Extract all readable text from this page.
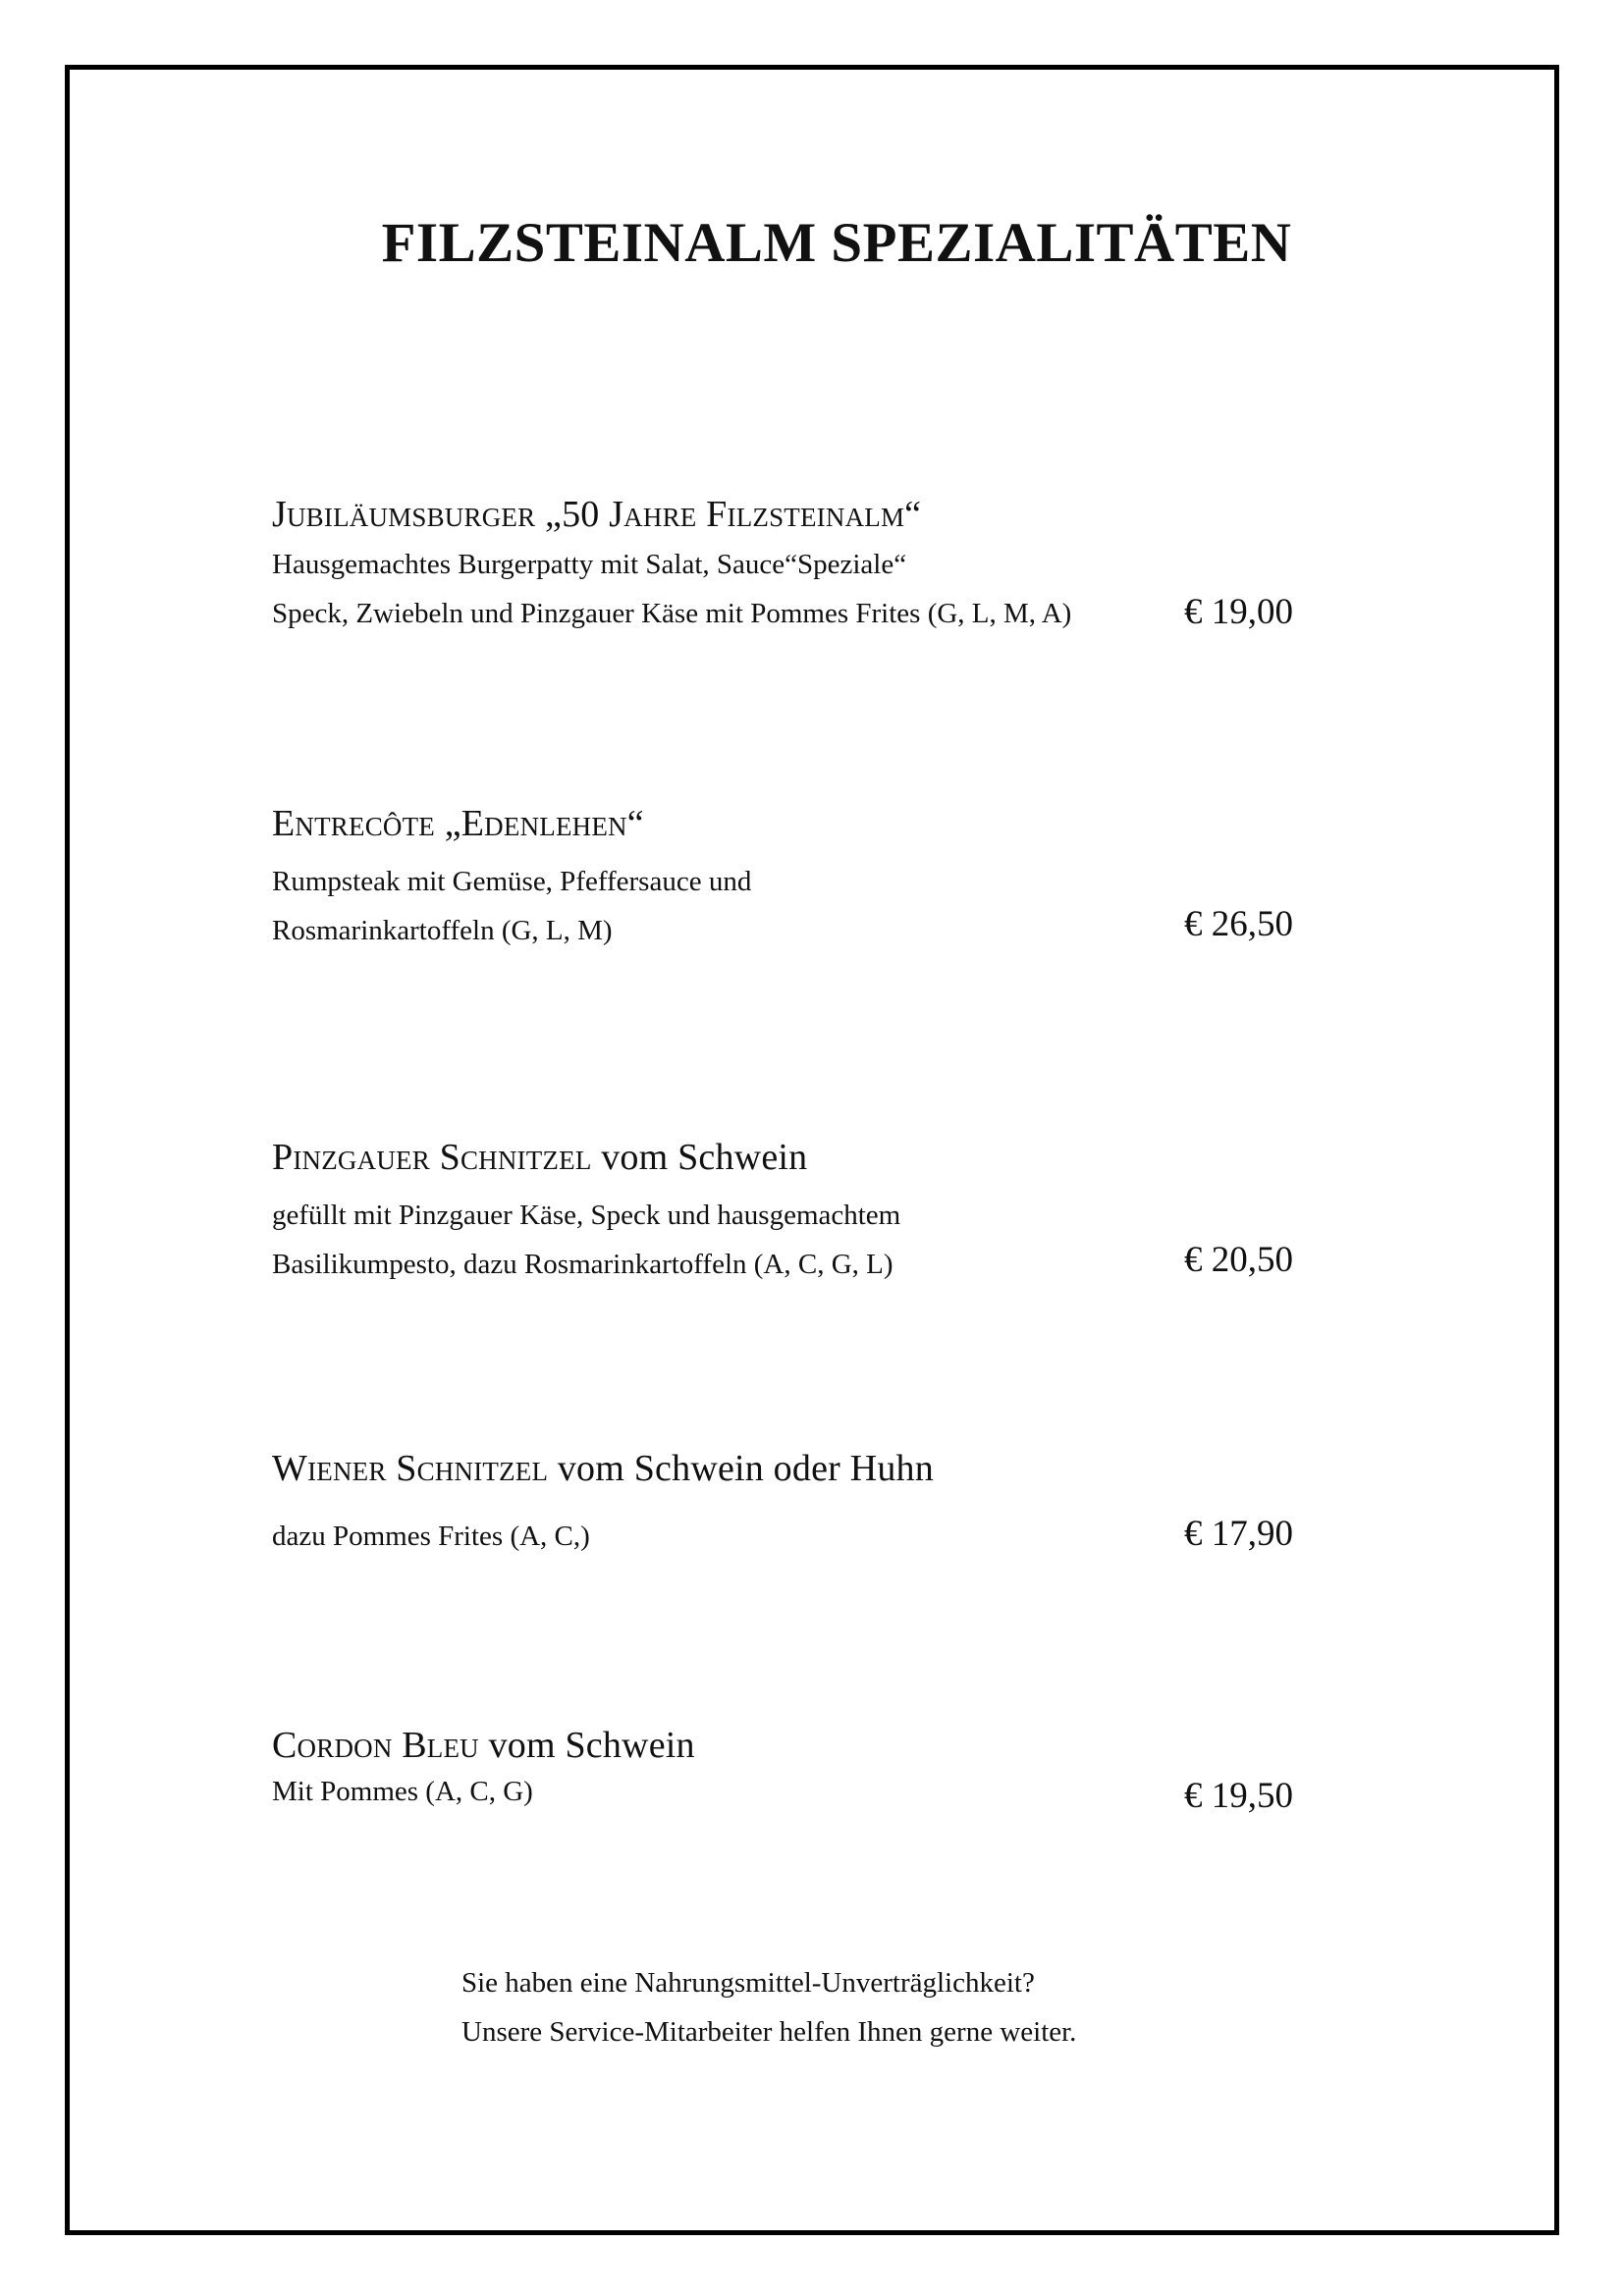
FILZSTEINALM SPEZIALITÄTEN

Jubiläumsburger „50 Jahre Filzsteinalm“

Hausgemachtes Burgerpatty mit Salat, Sauce“Speziale“

Speck, Zwiebeln und Pinzgauer Käse mit Pommes Frites (G, L, M, A)	€ 19,00

Entrecôte „Edenlehen“

Rumpsteak mit Gemüse, Pfeffersauce und

Rosmarinkartoffeln (G, L, M)	€ 26,50

Pinzgauer Schnitzel vom Schwein

gefüllt mit Pinzgauer Käse, Speck und hausgemachtem

Basilikumpesto, dazu Rosmarinkartoffeln (A, C, G, L)	€ 20,50

Wiener Schnitzel vom Schwein oder Huhn

dazu Pommes Frites (A, C,)	€ 17,90

Cordon Bleu vom Schwein

Mit Pommes (A, C, G)	€ 19,50

Sie haben eine Nahrungsmittel-Unverträglichkeit?

Unsere Service-Mitarbeiter helfen Ihnen gerne weiter.
